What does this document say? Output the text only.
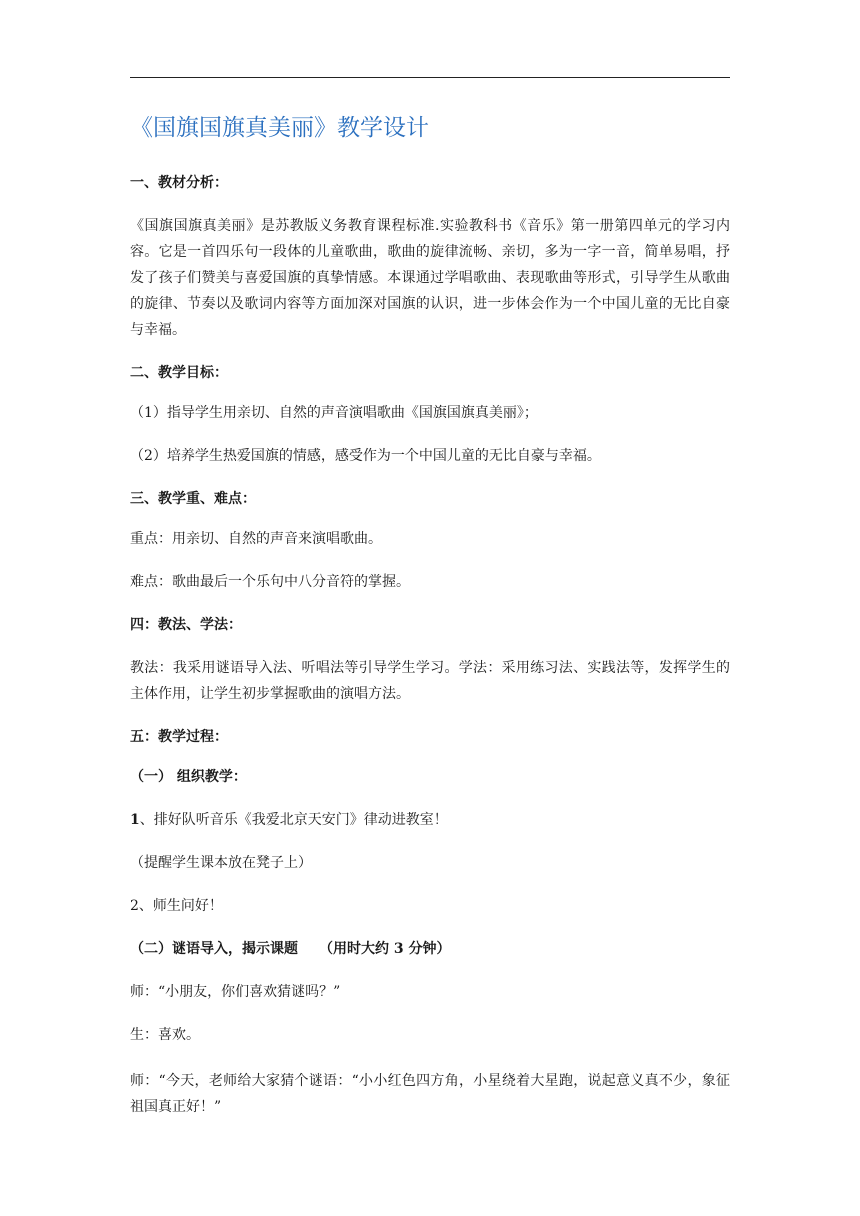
《国旗国旗真美丽》教学设计
一、教材分析：
《国旗国旗真美丽》是苏教版义务教育课程标准.实验教科书《音乐》第一册第四单元的学习内容。它是一首四乐句一段体的儿童歌曲，歌曲的旋律流畅、亲切，多为一字一音，简单易唱，抒发了孩子们赞美与喜爱国旗的真挚情感。本课通过学唱歌曲、表现歌曲等形式，引导学生从歌曲的旋律、节奏以及歌词内容等方面加深对国旗的认识，进一步体会作为一个中国儿童的无比自豪与幸福。
二、教学目标：
（1）指导学生用亲切、自然的声音演唱歌曲《国旗国旗真美丽》；
（2）培养学生热爱国旗的情感，感受作为一个中国儿童的无比自豪与幸福。
三、教学重、难点：
重点：用亲切、自然的声音来演唱歌曲。
难点：歌曲最后一个乐句中八分音符的掌握。
四：教法、学法：
教法：我采用谜语导入法、听唱法等引导学生学习。学法：采用练习法、实践法等，发挥学生的主体作用，让学生初步掌握歌曲的演唱方法。
五：教学过程：
（一） 组织教学：
1、排好队听音乐《我爱北京天安门》律动进教室！
（提醒学生课本放在凳子上）
2、师生问好！
（二）谜语导入，揭示课题　　（用时大约 3 分钟）
师：“小朋友，你们喜欢猜谜吗？”
生：喜欢。
师：“今天，老师给大家猜个谜语：“小小红色四方角，小星绕着大星跑，说起意义真不少，象征祖国真正好！”
